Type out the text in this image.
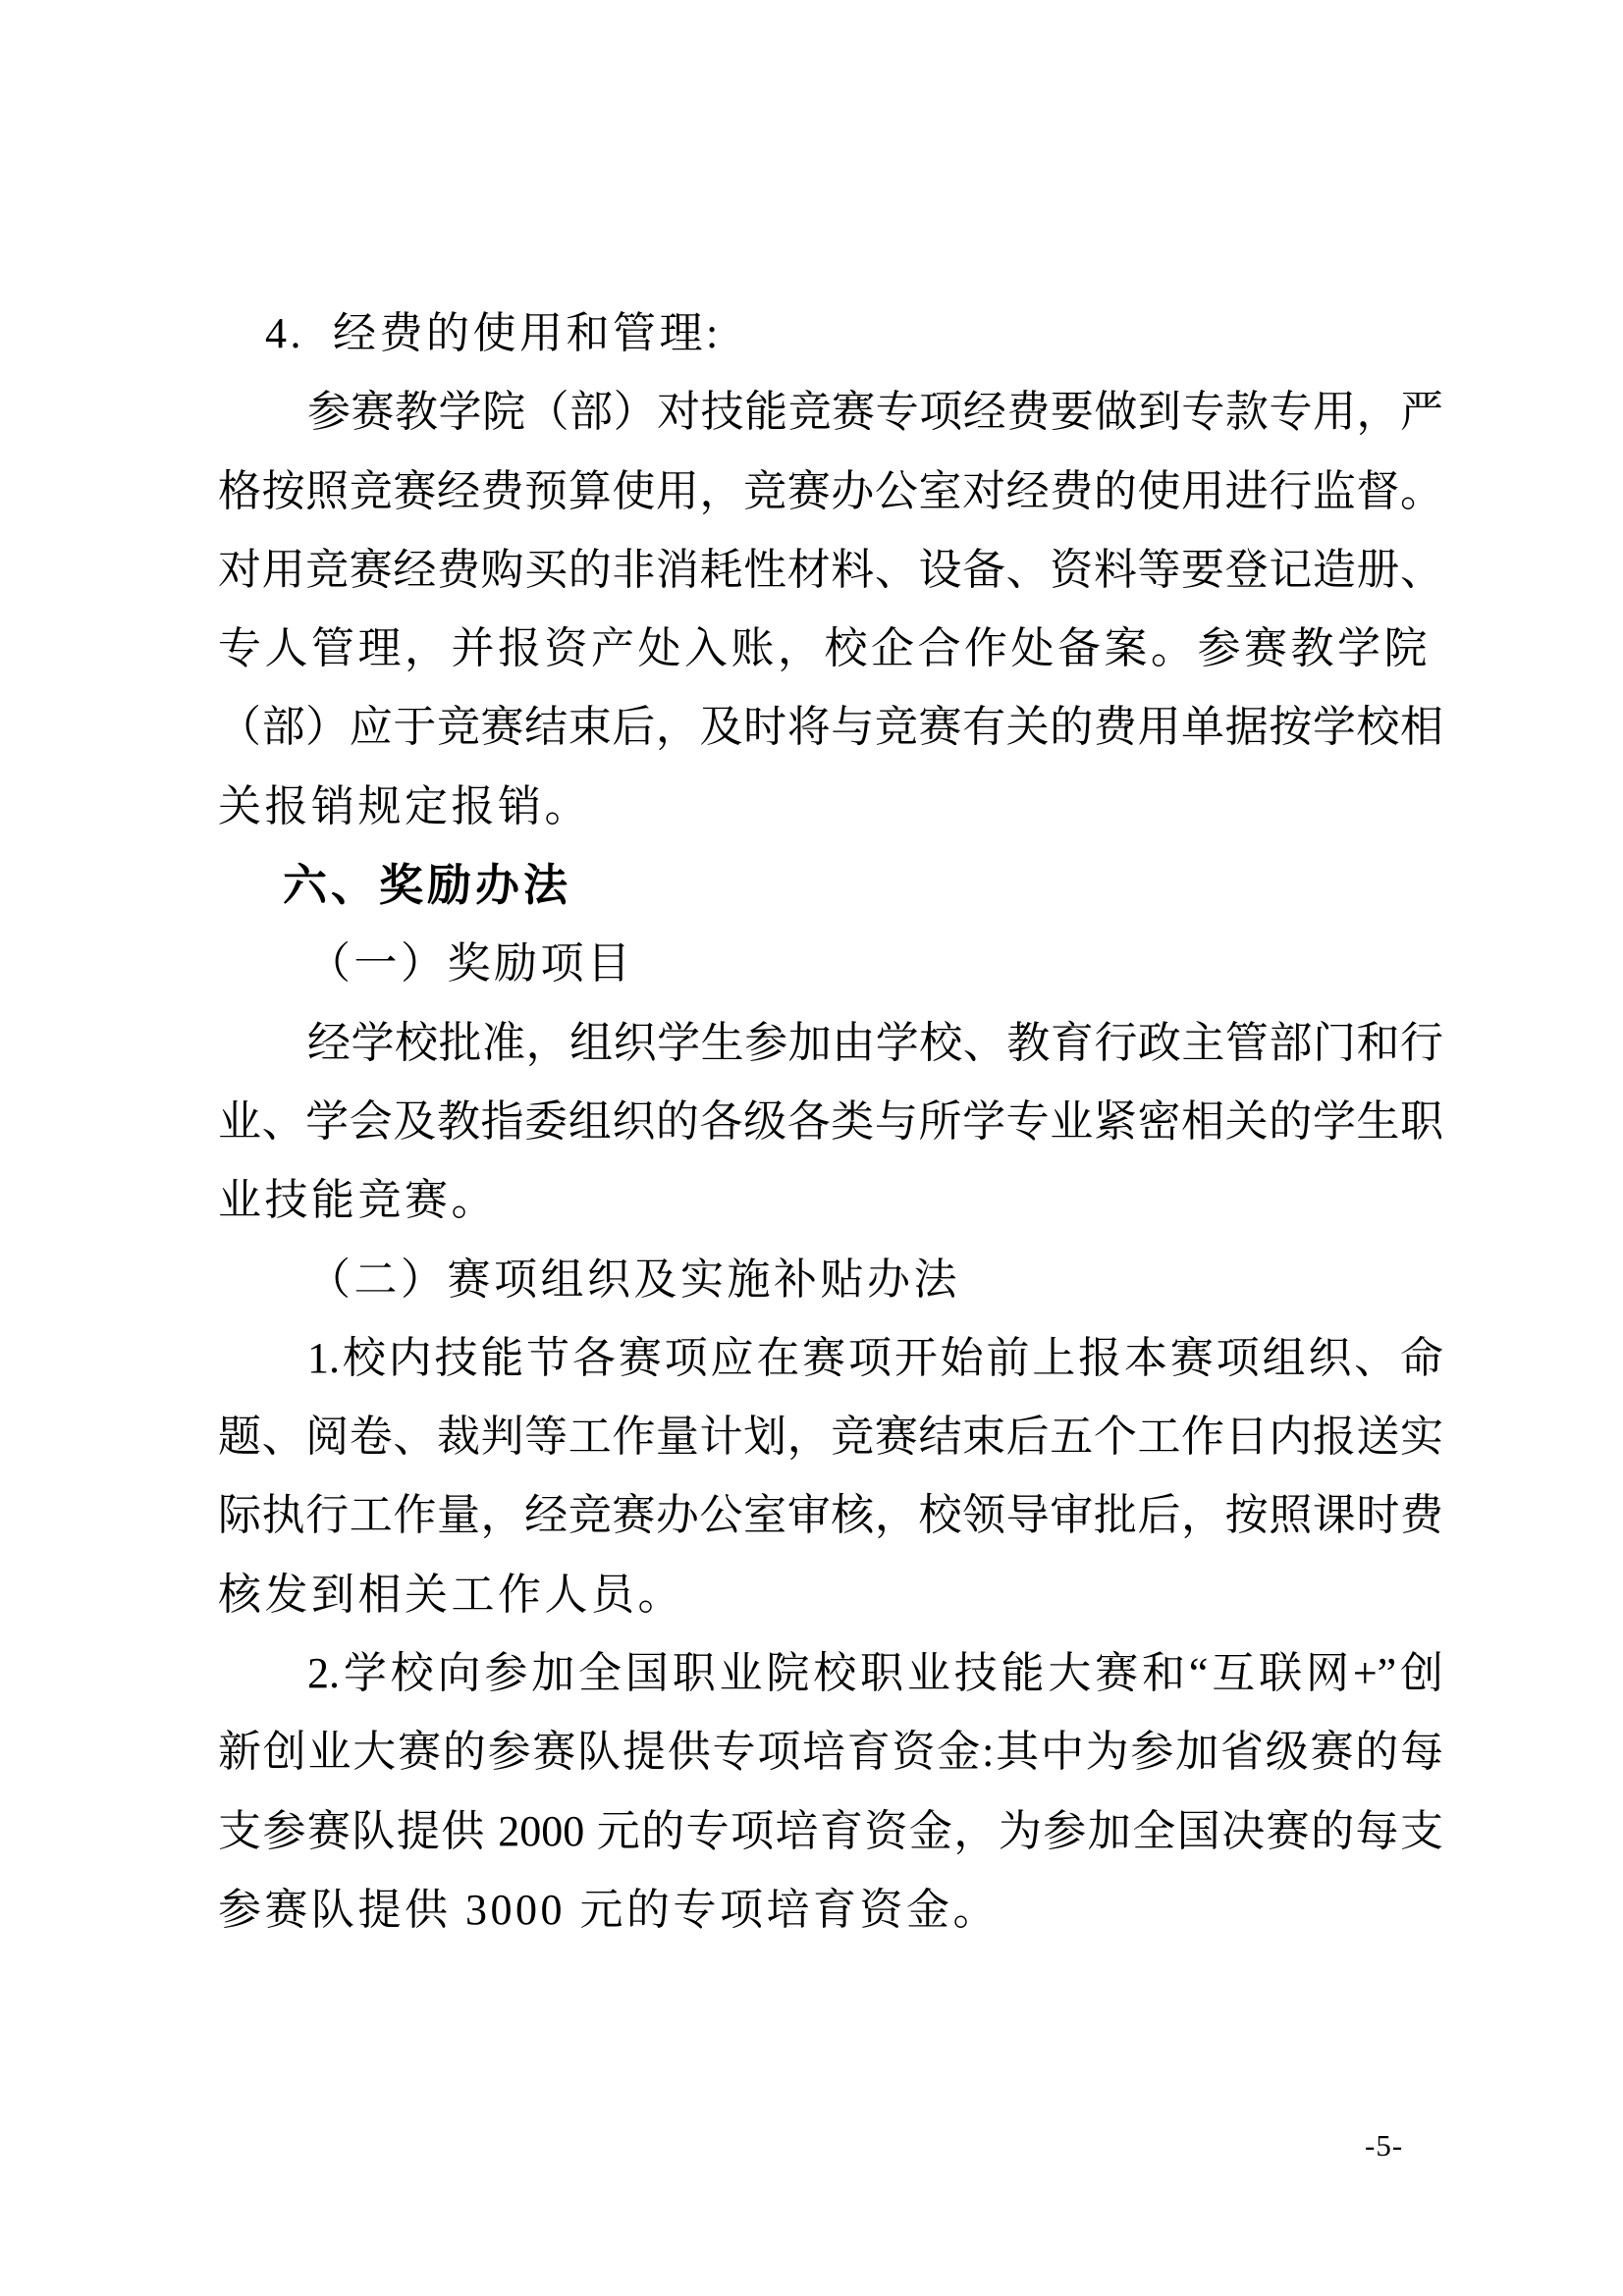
4.  经费的使用和管理:
参赛教学院（部）对技能竞赛专项经费要做到专款专用，严
格按照竞赛经费预算使用，竞赛办公室对经费的使用进行监督。
对用竞赛经费购买的非消耗性材料、设备、资料等要登记造册、
专人管理，并报资产处入账，校企合作处备案。参赛教学院
（部）应于竞赛结束后，及时将与竞赛有关的费用单据按学校相
关报销规定报销。
六、奖励办法
（一）奖励项目
经学校批准，组织学生参加由学校、教育行政主管部门和行
业、学会及教指委组织的各级各类与所学专业紧密相关的学生职
业技能竞赛。
（二）赛项组织及实施补贴办法
1.校内技能节各赛项应在赛项开始前上报本赛项组织、命
题、阅卷、裁判等工作量计划，竞赛结束后五个工作日内报送实
际执行工作量，经竞赛办公室审核，校领导审批后，按照课时费
核发到相关工作人员。
2.学校向参加全国职业院校职业技能大赛和“互联网+”创
新创业大赛的参赛队提供专项培育资金:其中为参加省级赛的每
支参赛队提供 2000 元的专项培育资金，为参加全国决赛的每支
参赛队提供 3000 元的专项培育资金。
-5-
